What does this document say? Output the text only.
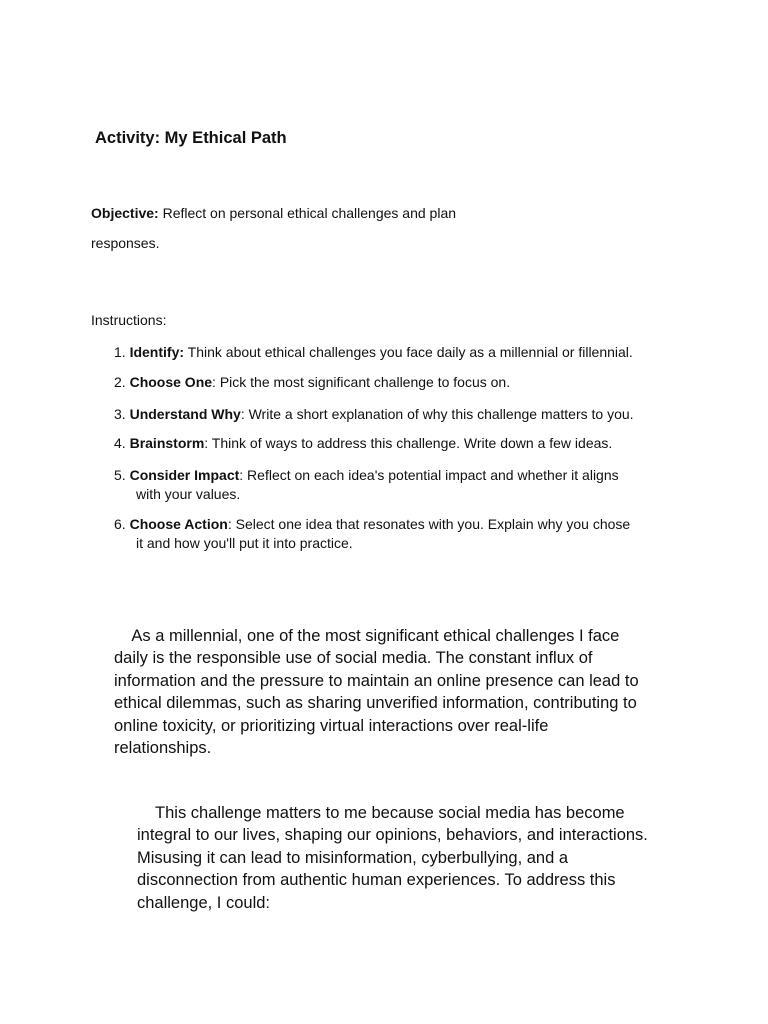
Activity: My Ethical Path
Objective: Reflect on personal ethical challenges and plan
responses.
Instructions:
1. Identify: Think about ethical challenges you face daily as a millennial or fillennial.
2. Choose One: Pick the most significant challenge to focus on.
3. Understand Why: Write a short explanation of why this challenge matters to you.
4. Brainstorm: Think of ways to address this challenge. Write down a few ideas.
5. Consider Impact: Reflect on each idea's potential impact and whether it aligns
with your values.
6. Choose Action: Select one idea that resonates with you. Explain why you chose
it and how you'll put it into practice.
As a millennial, one of the most significant ethical challenges I face
daily is the responsible use of social media. The constant influx of
information and the pressure to maintain an online presence can lead to
ethical dilemmas, such as sharing unverified information, contributing to
online toxicity, or prioritizing virtual interactions over real-life
relationships.
This challenge matters to me because social media has become
integral to our lives, shaping our opinions, behaviors, and interactions.
Misusing it can lead to misinformation, cyberbullying, and a
disconnection from authentic human experiences. To address this
challenge, I could:
